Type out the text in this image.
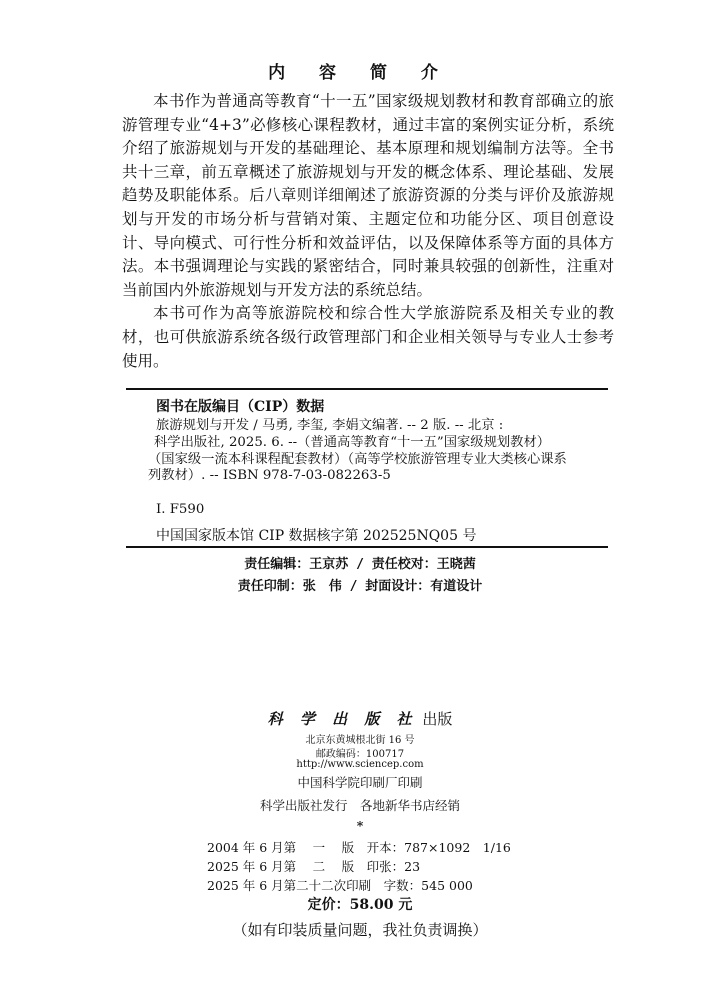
内 容 简 介

本书作为普通高等教育“十一五”国家级规划教材和教育部确立的旅游管理专业“4+3”必修核心课程教材，通过丰富的案例实证分析，系统介绍了旅游规划与开发的基础理论、基本原理和规划编制方法等。全书共十三章，前五章概述了旅游规划与开发的概念体系、理论基础、发展趋势及职能体系。后八章则详细阐述了旅游资源的分类与评价及旅游规划与开发的市场分析与营销对策、主题定位和功能分区、项目创意设计、导向模式、可行性分析和效益评估，以及保障体系等方面的具体方法。本书强调理论与实践的紧密结合，同时兼具较强的创新性，注重对当前国内外旅游规划与开发方法的系统总结。

本书可作为高等旅游院校和综合性大学旅游院系及相关专业的教材，也可供旅游系统各级行政管理部门和企业相关领导与专业人士参考使用。

图书在版编目（CIP）数据
旅游规划与开发 / 马勇, 李玺, 李娟文编著. -- 2 版. -- 北京 :
科学出版社, 2025. 6. --（普通高等教育“十一五”国家级规划教材）
（国家级一流本科课程配套教材）（高等学校旅游管理专业大类核心课系
列教材）. -- ISBN 978-7-03-082263-5
Ⅰ. F590
中国国家版本馆 CIP 数据核字第 202525NQ05 号
责任编辑：王京苏 / 责任校对：王晓茜
责任印制：张　伟 / 封面设计：有道设计
科 学 出 版 社 出版
北京东黄城根北街 16 号
邮政编码：100717
http://www.sciencep.com
中国科学院印刷厂印刷
科学出版社发行　各地新华书店经销
*
2004 年 6 月第　 一　 版　开本：787×1092　1/16
2025 年 6 月第　 二　 版　印张：23
2025 年 6 月第二十二次印刷　字数：545 000
定价：58.00 元
（如有印装质量问题，我社负责调换）
